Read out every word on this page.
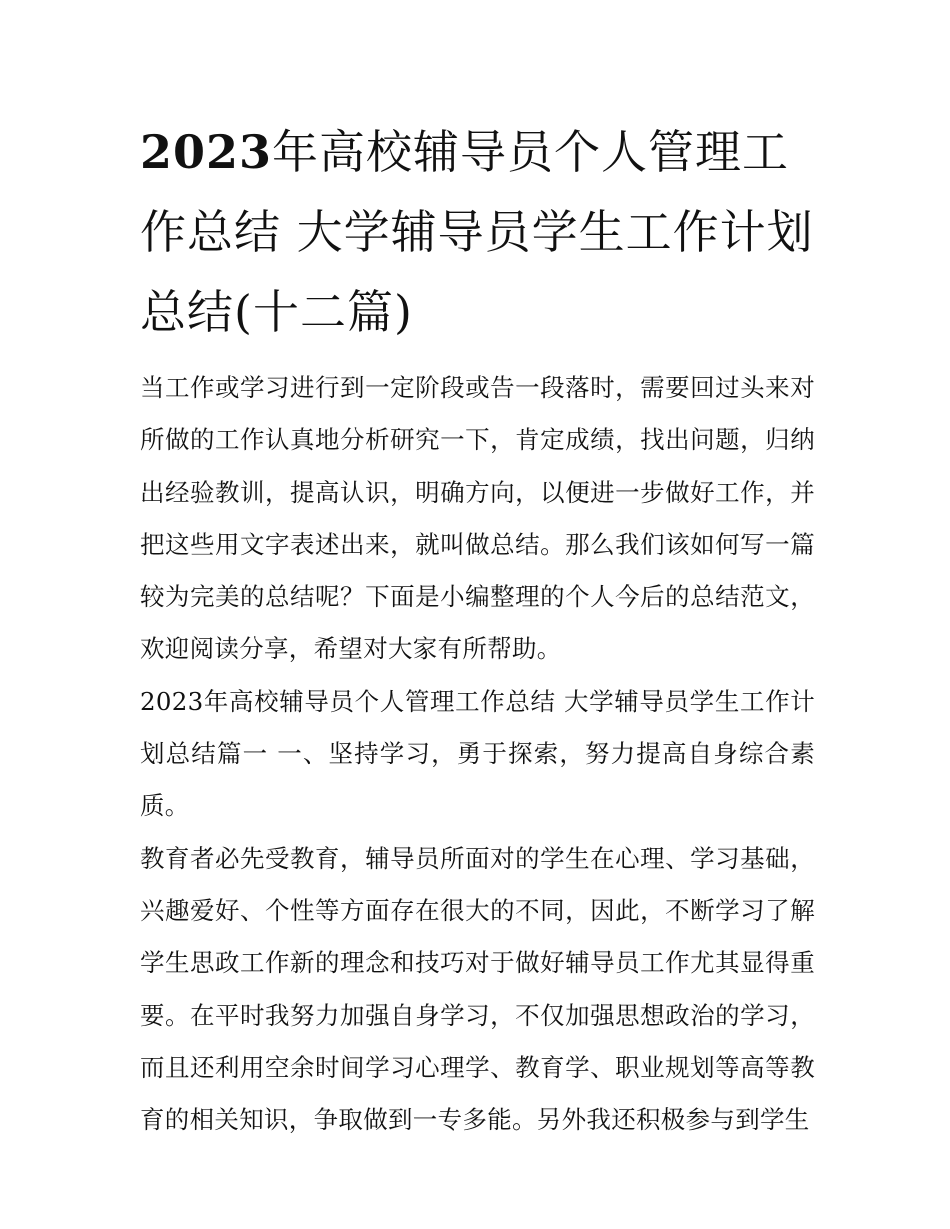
2023年高校辅导员个人管理工作总结 大学辅导员学生工作计划总结(十二篇)

当工作或学习进行到一定阶段或告一段落时，需要回过头来对所做的工作认真地分析研究一下，肯定成绩，找出问题，归纳出经验教训，提高认识，明确方向，以便进一步做好工作，并把这些用文字表述出来，就叫做总结。那么我们该如何写一篇较为完美的总结呢？下面是小编整理的个人今后的总结范文，欢迎阅读分享，希望对大家有所帮助。

2023年高校辅导员个人管理工作总结 大学辅导员学生工作计划总结篇一 一、坚持学习，勇于探索，努力提高自身综合素质。

教育者必先受教育，辅导员所面对的学生在心理、学习基础，兴趣爱好、个性等方面存在很大的不同，因此，不断学习了解学生思政工作新的理念和技巧对于做好辅导员工作尤其显得重要。在平时我努力加强自身学习，不仅加强思想政治的学习，而且还利用空余时间学习心理学、教育学、职业规划等高等教育的相关知识，争取做到一专多能。另外我还积极参与到学生
